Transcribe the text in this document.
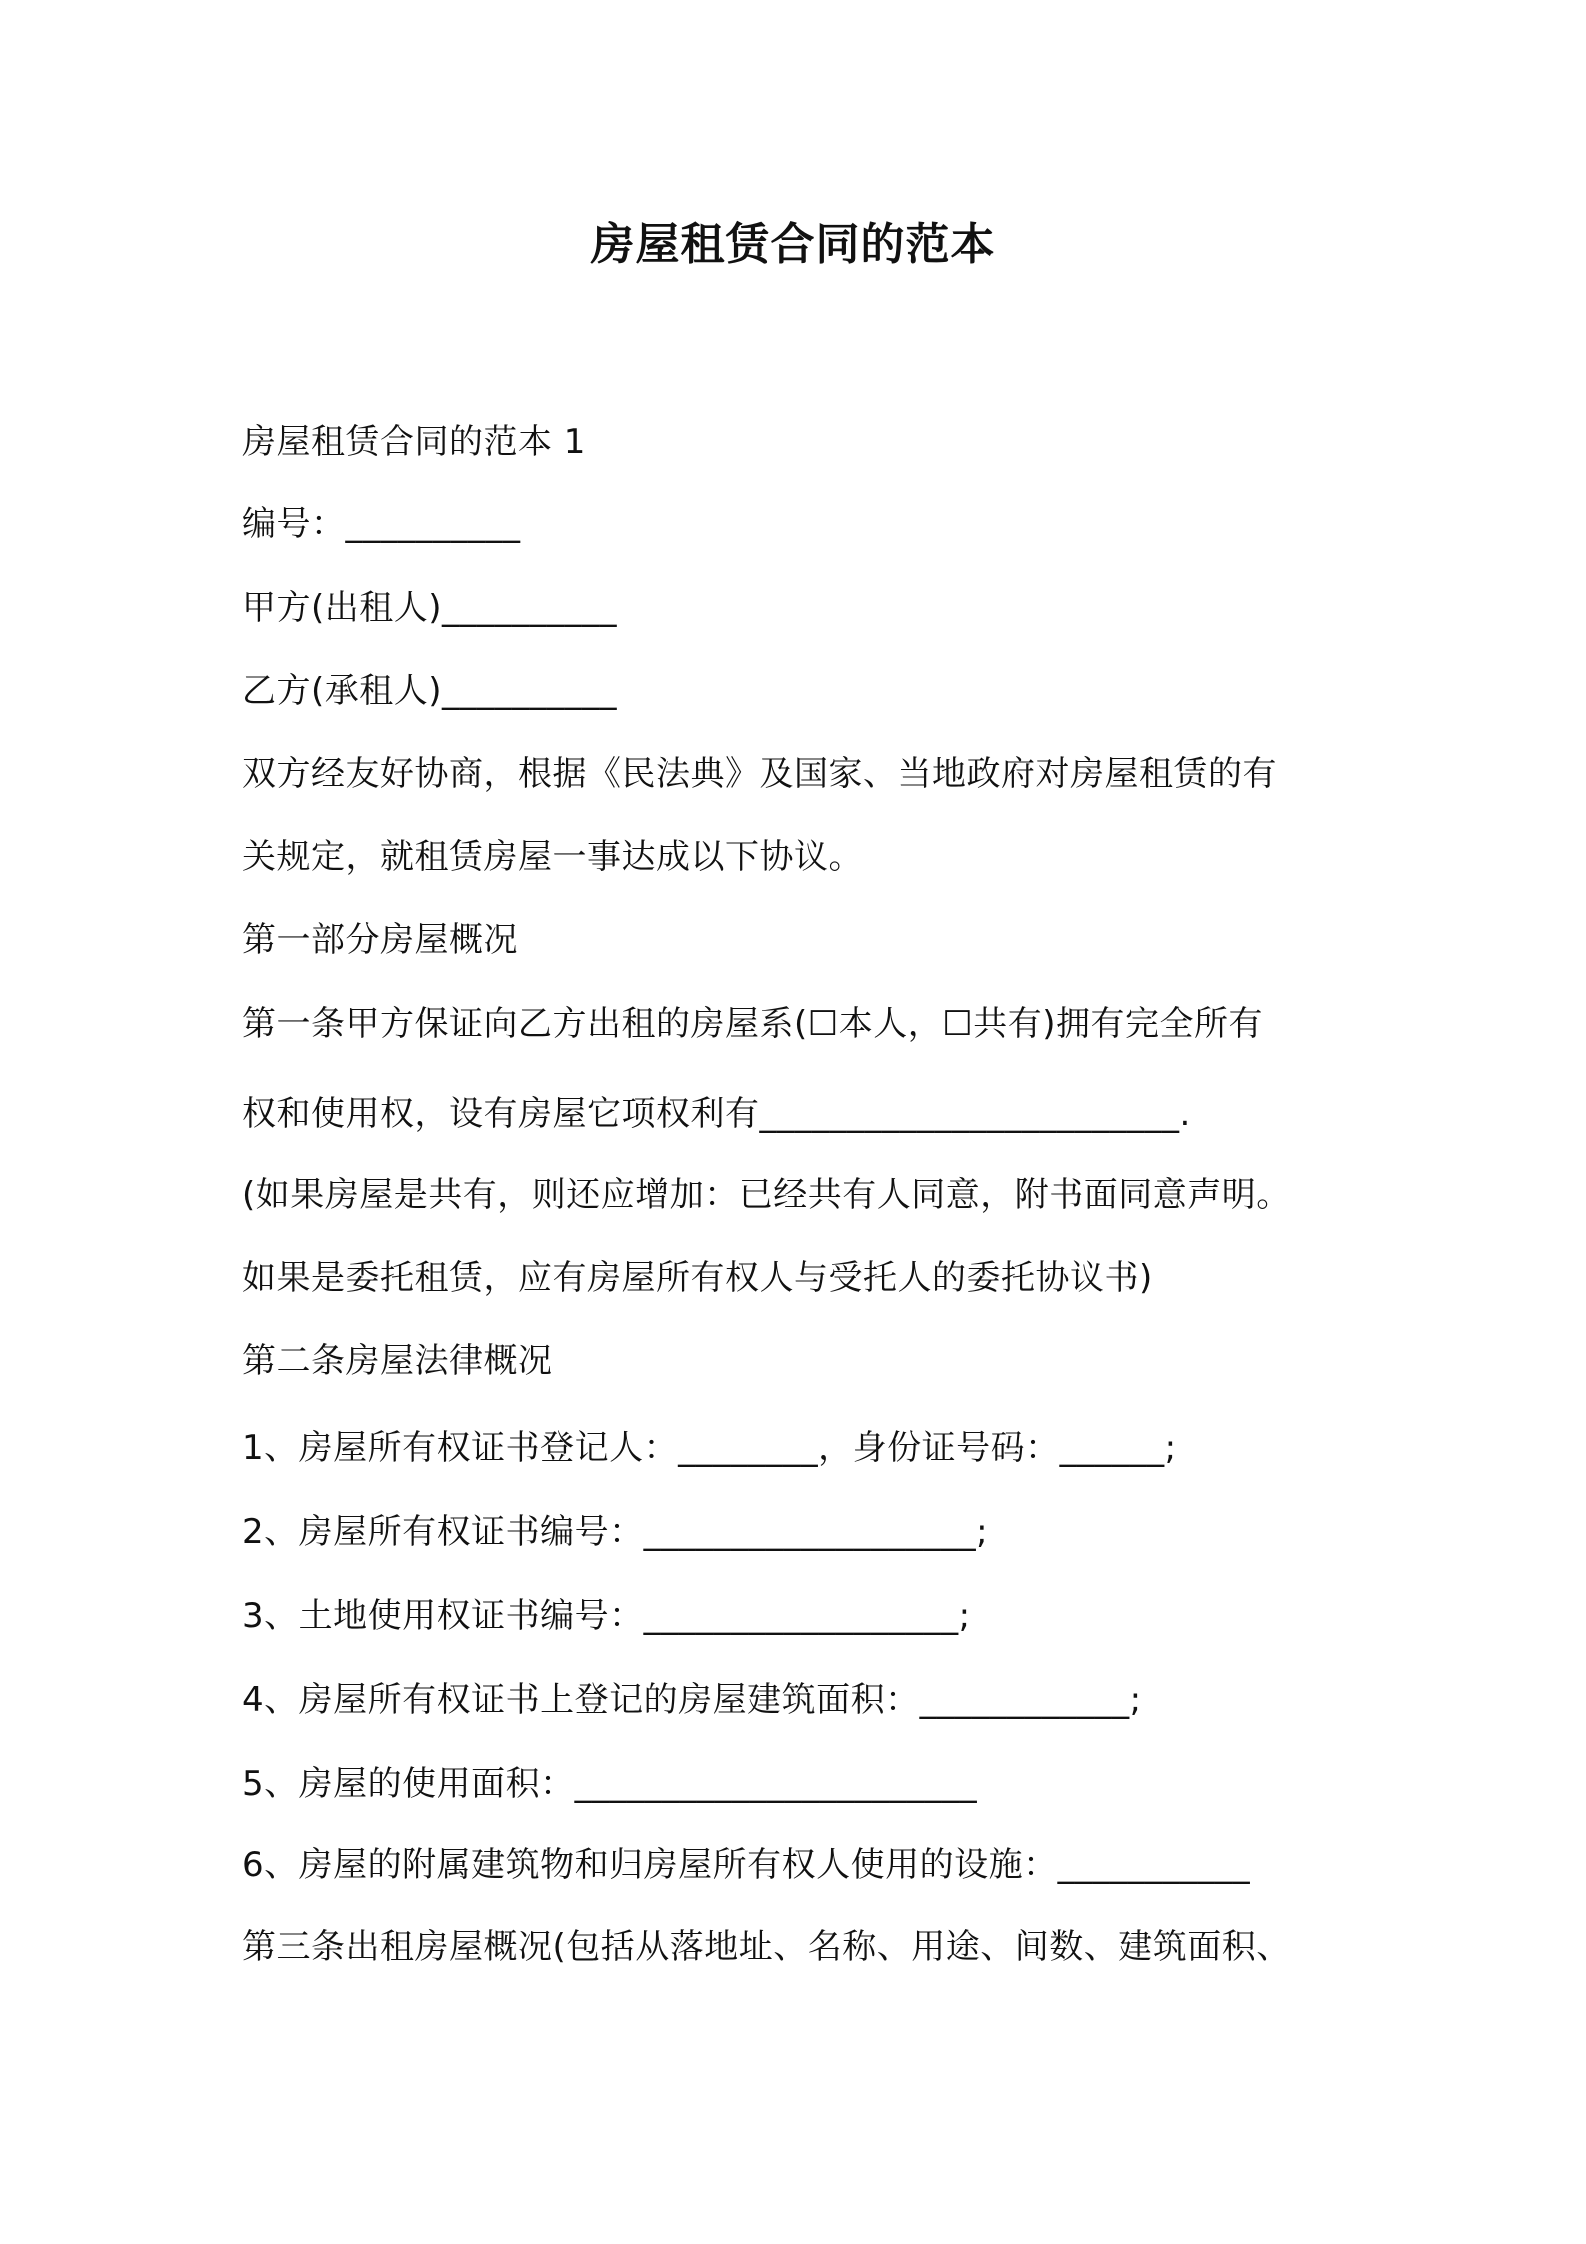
房屋租赁合同的范本

房屋租赁合同的范本 1

编号：__________

甲方(出租人)__________

乙方(承租人)__________

双方经友好协商，根据《民法典》及国家、当地政府对房屋租赁的有

关规定，就租赁房屋一事达成以下协议。

第一部分房屋概况

第一条甲方保证向乙方出租的房屋系(☐本人，☐共有)拥有完全所有

权和使用权，设有房屋它项权利有________________________.

(如果房屋是共有，则还应增加：已经共有人同意，附书面同意声明。

如果是委托租赁，应有房屋所有权人与受托人的委托协议书)

第二条房屋法律概况

1、房屋所有权证书登记人：________，身份证号码：______;

2、房屋所有权证书编号：___________________;

3、土地使用权证书编号：__________________;

4、房屋所有权证书上登记的房屋建筑面积：____________;

5、房屋的使用面积：_______________________

6、房屋的附属建筑物和归房屋所有权人使用的设施：___________

第三条出租房屋概况(包括从落地址、名称、用途、间数、建筑面积、
